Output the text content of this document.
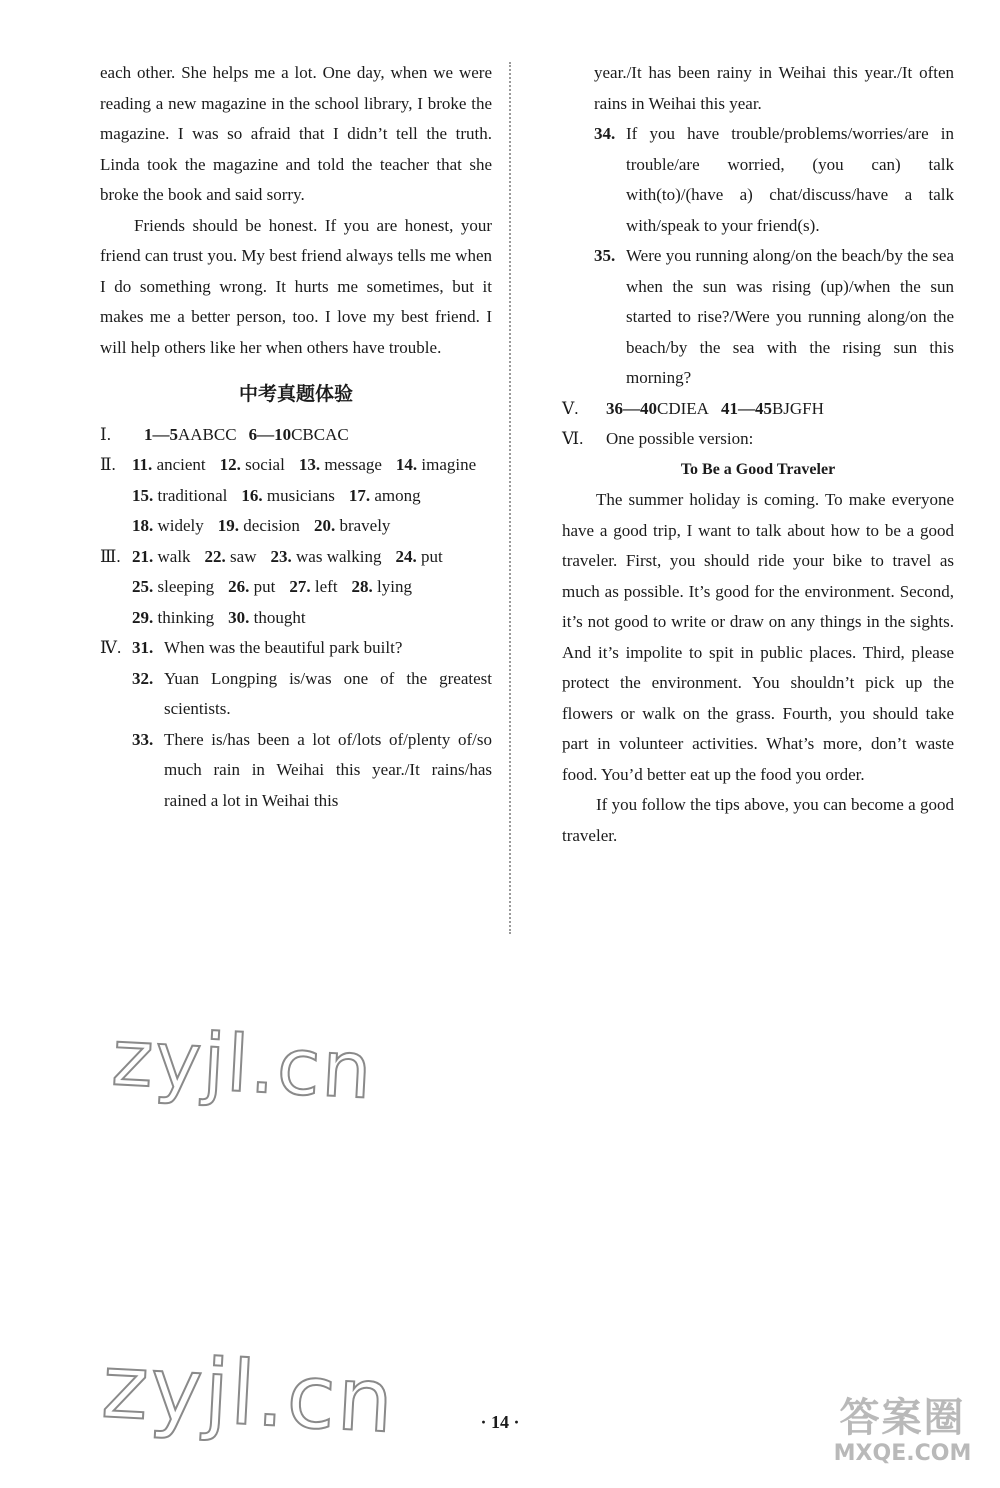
each other. She helps me a lot. One day, when we were reading a new magazine in the school library, I broke the magazine. I was so afraid that I didn’t tell the truth. Linda took the magazine and told the teacher that she broke the book and said sorry.

Friends should be honest. If you are honest, your friend can trust you. My best friend always tells me when I do something wrong. It hurts me sometimes, but it makes me a better person, too. I love my best friend. I will help others like her when others have trouble.

中考真题体验
Ⅰ.	1—5 AABCC 6—10 CBCAC
Ⅱ. 11. ancient 12. social 13. message 14. imagine
15. traditional 16. musicians 17. among
18. widely 19. decision 20. bravely
Ⅲ. 21. walk 22. saw 23. was walking 24. put
25. sleeping 26. put 27. left 28. lying
29. thinking 30. thought
Ⅳ. 31. When was the beautiful park built?
32. Yuan Longping is/was one of the greatest scientists.
33. There is/has been a lot of/lots of/plenty of/so much rain in Weihai this year./It rains/has rained a lot in Weihai this
year./It has been rainy in Weihai this year./It often rains in Weihai this year.
34. If you have trouble/problems/worries/are in trouble/are worried, (you can) talk with(to)/(have a) chat/discuss/have a talk with/speak to your friend(s).
35. Were you running along/on the beach/by the sea when the sun was rising (up)/when the sun started to rise?/Were you running along/on the beach/by the sea with the rising sun this morning?
Ⅴ.	36—40 CDIEA 41—45 BJGFH
Ⅵ.	One possible version:
To Be a Good Traveler

The summer holiday is coming. To make everyone have a good trip, I want to talk about how to be a good traveler. First, you should ride your bike to travel as much as possible. It’s good for the environment. Second, it’s not good to write or draw on any things in the sights. And it’s impolite to spit in public places. Third, please protect the environment. You shouldn’t pick up the flowers or walk on the grass. Fourth, you should take part in volunteer activities. What’s more, don’t waste food. You’d better eat up the food you order.

If you follow the tips above, you can become a good traveler.

zyjl.cn
zyjl.cn	· 14 ·	答案圈
MXQE.COM
